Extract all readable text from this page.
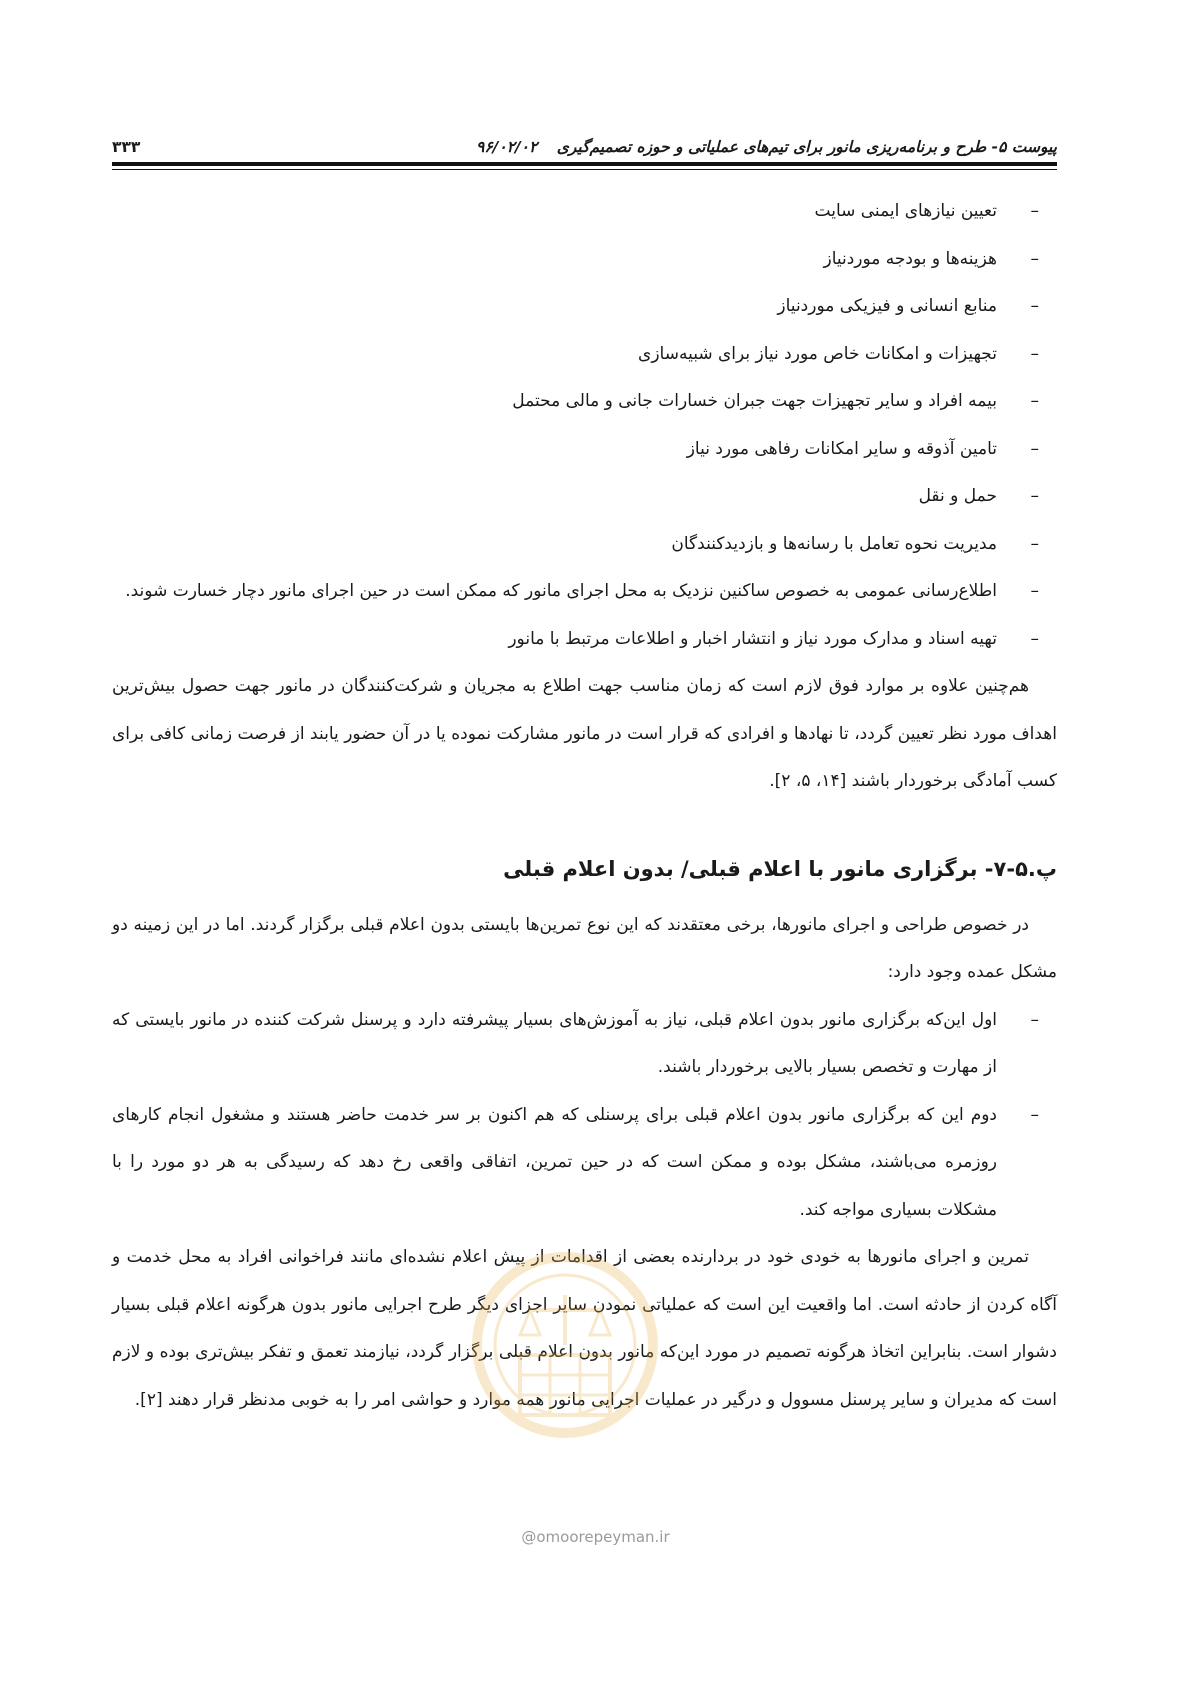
پیوست ۵- طرح و برنامه‌ریزی مانور برای تیم‌های عملیاتی و حوزه تصمیم‌گیری ۹۶/۰۲/۰۲
۳۳۳
– تعیین نیازهای ایمنی سایت
– هزینه‌ها و بودجه موردنیاز
– منابع انسانی و فیزیکی موردنیاز
– تجهیزات و امکانات خاص مورد نیاز برای شبیه‌سازی
– بیمه افراد و سایر تجهیزات جهت جبران خسارات جانی و مالی محتمل
– تامین آذوقه و سایر امکانات رفاهی مورد نیاز
– حمل و نقل
– مدیریت نحوه تعامل با رسانه‌ها و بازدیدکنندگان
– اطلاع‌رسانی عمومی به خصوص ساکنین نزدیک به محل اجرای مانور که ممکن است در حین اجرای مانور دچار خسارت شوند.
– تهیه اسناد و مدارک مورد نیاز و انتشار اخبار و اطلاعات مرتبط با مانور

هم‌چنین علاوه بر موارد فوق لازم است که زمان مناسب جهت اطلاع به مجریان و شرکت‌کنندگان در مانور جهت حصول بیش‌ترین اهداف مورد نظر تعیین گردد، تا نهادها و افرادی که قرار است در مانور مشارکت نموده یا در آن حضور یابند از فرصت زمانی کافی برای کسب آمادگی برخوردار باشند [۱۴، ۵، ۲].

پ.۵-۷- برگزاری مانور با اعلام قبلی/ بدون اعلام قبلی

در خصوص طراحی و اجرای مانورها، برخی معتقدند که این نوع تمرین‌ها بایستی بدون اعلام قبلی برگزار گردند. اما در این زمینه دو مشکل عمده وجود دارد:

– اول این‌که برگزاری مانور بدون اعلام قبلی، نیاز به آموزش‌های بسیار پیشرفته دارد و پرسنل شرکت کننده در مانور بایستی که از مهارت و تخصص بسیار بالایی برخوردار باشند.
– دوم این که برگزاری مانور بدون اعلام قبلی برای پرسنلی که هم اکنون بر سر خدمت حاضر هستند و مشغول انجام کارهای روزمره می‌باشند، مشکل بوده و ممکن است که در حین تمرین، اتفاقی واقعی رخ دهد که رسیدگی به هر دو مورد را با مشکلات بسیاری مواجه کند.

تمرین و اجرای مانورها به خودی خود در بردارنده بعضی از اقدامات از پیش اعلام نشده‌ای مانند فراخوانی افراد به محل خدمت و آگاه کردن از حادثه است. اما واقعیت این است که عملیاتی نمودن سایر اجزای دیگر طرح اجرایی مانور بدون هرگونه اعلام قبلی بسیار دشوار است. بنابراین اتخاذ هرگونه تصمیم در مورد این‌که مانور بدون اعلام قبلی برگزار گردد، نیازمند تعمق و تفکر بیش‌تری بوده و لازم است که مدیران و سایر پرسنل مسوول و درگیر در عملیات اجرایی مانور همه موارد و حواشی امر را به خوبی مدنظر قرار دهند [۲].

@omoorepeyman.ir
